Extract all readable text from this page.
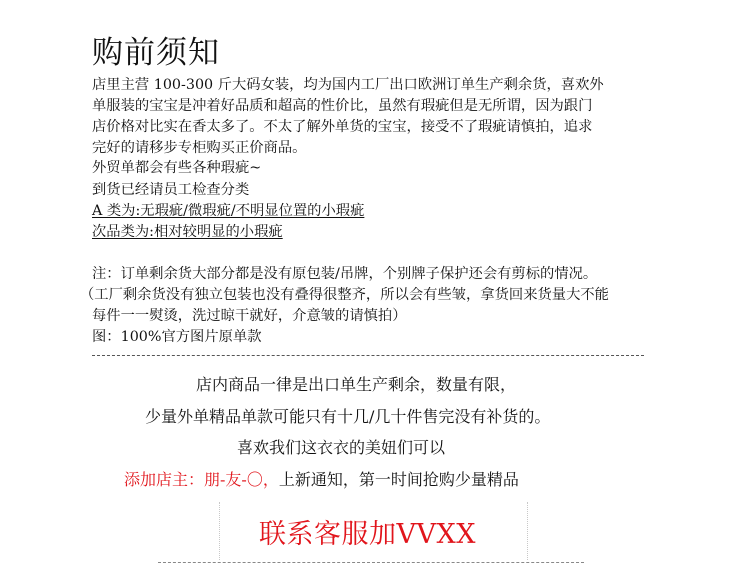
购前须知
店里主营 100-300 斤大码女装，均为国内工厂出口欧洲订单生产剩余货，喜欢外
单服装的宝宝是冲着好品质和超高的性价比，虽然有瑕疵但是无所谓，因为跟门
店价格对比实在香太多了。不太了解外单货的宝宝，接受不了瑕疵请慎拍，追求
完好的请移步专柜购买正价商品。
外贸单都会有些各种瑕疵~
到货已经请员工检查分类
A 类为:无瑕疵/微瑕疵/不明显位置的小瑕疵
次品类为:相对较明显的小瑕疵
注：订单剩余货大部分都是没有原包装/吊牌，个别牌子保护还会有剪标的情况。
（工厂剩余货没有独立包装也没有叠得很整齐，所以会有些皱，拿货回来货量大不能
每件一一熨烫，洗过晾干就好，介意皱的请慎拍）
图：100%官方图片原单款
店内商品一律是出口单生产剩余，数量有限，
少量外单精品单款可能只有十几/几十件售完没有补货的。
喜欢我们这衣衣的美妞们可以
添加店主：朋-友-〇，上新通知，第一时间抢购少量精品
联系客服加VVXX
